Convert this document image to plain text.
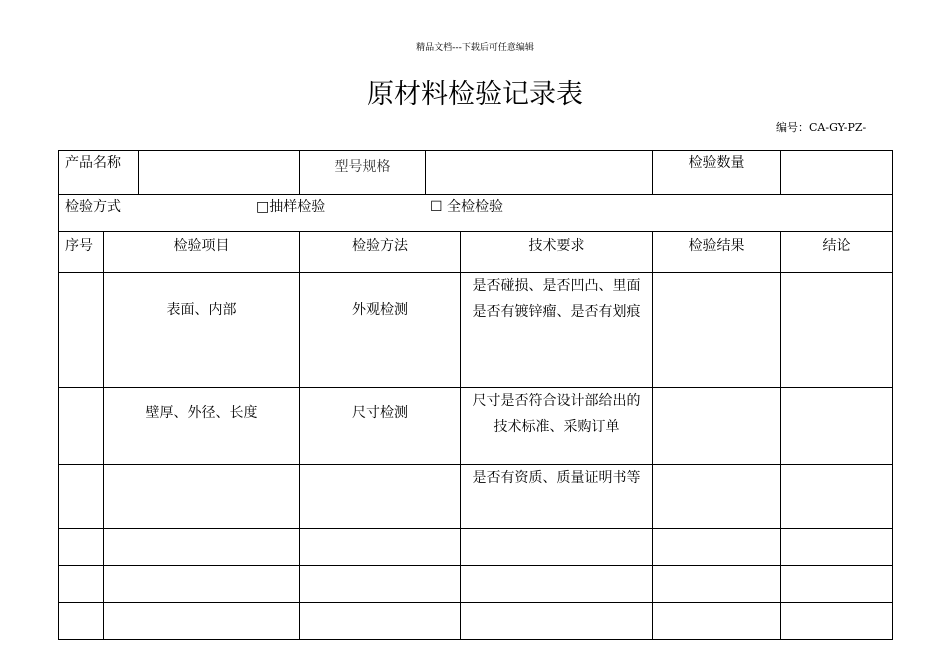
精品文档---下载后可任意编辑
原材料检验记录表
编号：CA-GY-PZ-
产品名称			型号规格			检验数量	

检验方式 □抽样检验 ☐ 全检检验							

序号	检验项目		检验方法		技术要求	检验结果	结论
	表面、内部		外观检测		是否碰损、是否凹凸、里面是否有镀锌瘤、是否有划痕		
	壁厚、外径、长度		尺寸检测		尺寸是否符合设计部给出的技术标准、采购订单		
					是否有资质、质量证明书等		
